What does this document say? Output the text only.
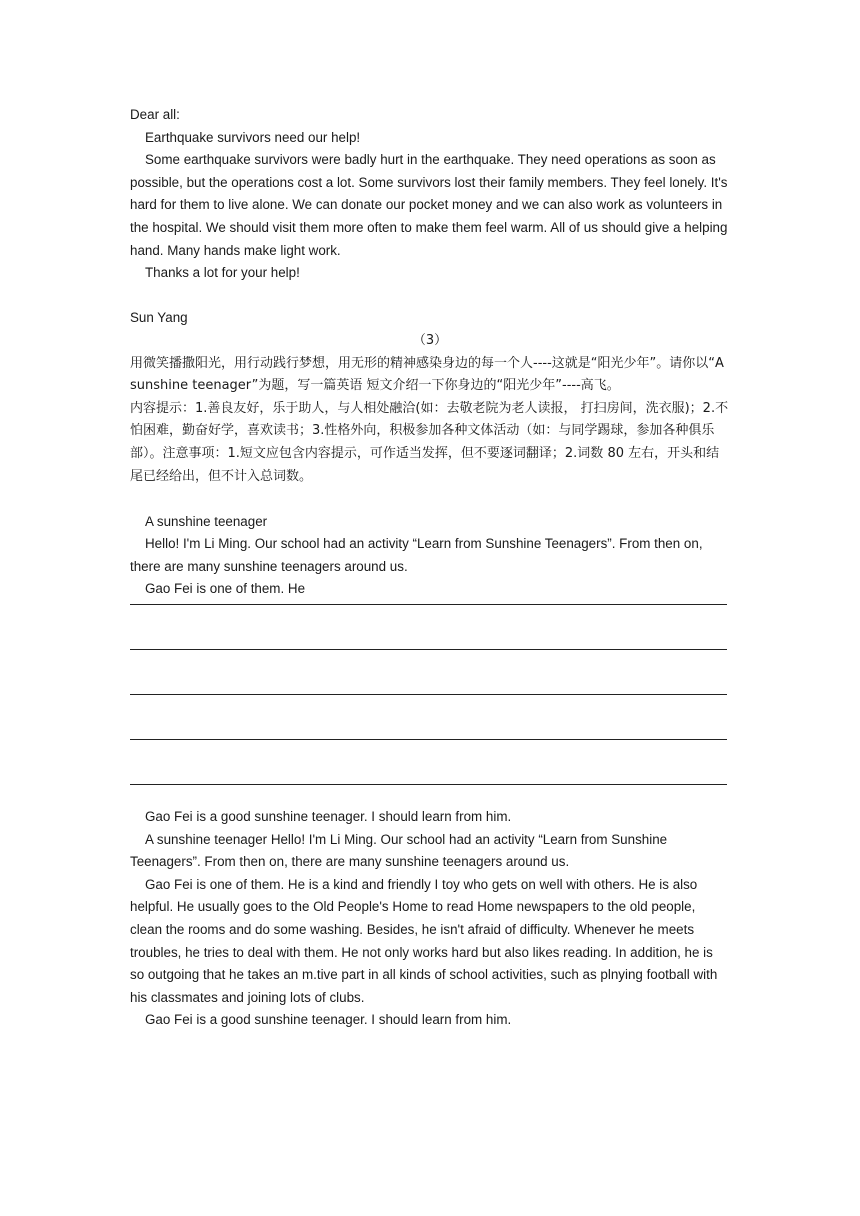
Dear all:

Earthquake survivors need our help!

Some earthquake survivors were badly hurt in the earthquake. They need operations as soon as possible, but the operations cost a lot. Some survivors lost their family members. They feel lonely. It's hard for them to live alone. We can donate our pocket money and we can also work as volunteers in the hospital. We should visit them more often to make them feel warm. All of us should give a helping hand. Many hands make light work.

Thanks a lot for your help!

Sun Yang

（3）

用微笑播撒阳光，用行动践行梦想，用无形的精神感染身边的每一个人----这就是“阳光少年”。请你以“A sunshine teenager”为题，写一篇英语 短文介绍一下你身边的“阳光少年”----高飞。

内容提示：1.善良友好，乐于助人，与人相处融洽(如：去敬老院为老人读报， 打扫房间，洗衣服)；2.不怕困难，勤奋好学，喜欢读书；3.性格外向，积极参加各种文体活动（如：与同学踢球，参加各种俱乐部）。注意事项：1.短文应包含内容提示，可作适当发挥，但不要逐词翻译；2.词数 80 左右，开头和结尾已经给出，但不计入总词数。

A sunshine teenager

Hello! I'm Li Ming. Our school had an activity “Learn from Sunshine Teenagers”. From then on, there are many sunshine teenagers around us.

Gao Fei is one of them. He

Gao Fei is a good sunshine teenager. I should learn from him.

A sunshine teenager Hello! I'm Li Ming. Our school had an activity “Learn from Sunshine Teenagers”. From then on, there are many sunshine teenagers around us.

Gao Fei is one of them. He is a kind and friendly I toy who gets on well with others. He is also helpful. He usually goes to the Old People's Home to read Home newspapers to the old people, clean the rooms and do some washing. Besides, he isn't afraid of difficulty. Whenever he meets troubles, he tries to deal with them. He not only works hard but also likes reading. In addition, he is so outgoing that he takes an m.tive part in all kinds of school activities, such as plnying football with his classmates and joining lots of clubs.

Gao Fei is a good sunshine teenager. I should learn from him.
